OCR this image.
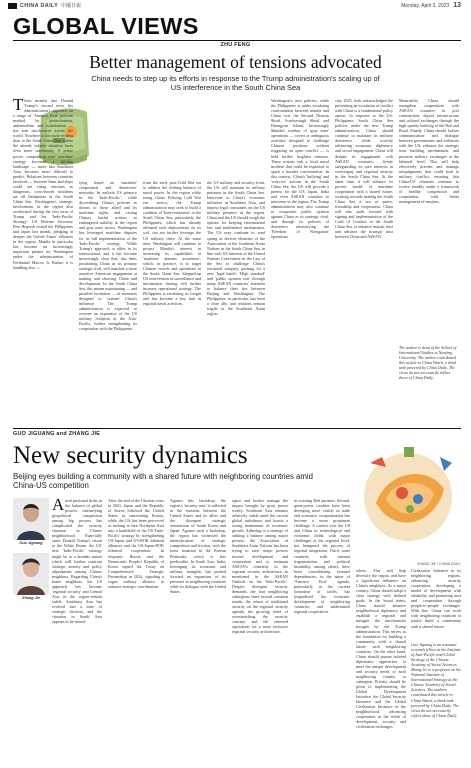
CHINA DAILY 中國日報	Monday, April 3, 2023 13
GLOBAL VIEWS
ZHU FENG
Better management of tensions advocated
China needs to step up its efforts in response to the Trump administration's scaling up of US interference in the South China Sea
T hree months into Donald Trump's second term, his administration's approach on a range of 'America First' policies marked by protectionism, unilateralism and isolationism — has sent shockwaves across the world. Nowhere is this more evident than in the South China Sea, where the already volatile situation faces even more uncertainty. A prime power competition over maritime strategy becomes a shifting landscape — more like Southeast Asia, becomes more difficult to predict. Relations between countries involved — between them and ships could see rising tensions as dangerous, cross-border incidents are all flashpoints in the South China Sea. Washington's strategic involvement in the region also accelerated during the first term of Trump and his 'Indo-Pacific Strategy'. US Defense Secretary Pete Hegseth visited the Philippines and Japan last month, pledging to deepen the United States' alliances in the region. Manila in particular has become an increasingly important partner for Washington under the administration of Ferdinand Marcos Jr. Rather, it is handling also —
tying based on 'maritime' cooperation and 'deterrence' networks. In outlook US primacy in the 'Indo-Pacific', while discrediting China's policies as threats to those allied and its maritime rights, and casting China's lawful actions as endangered stability in the region and gray zone tactics. Washington has leveraged maritime disputes for its full implementation of the 'Indo-Pacific' strategy. While Trump's approach to allies in its transactional, and it has become increasingly clear that, this time, positioning China as its primary strategic rival, will translate a more assertive American engagement at making and showing China and development. In the South China Sea, this means maintaining — and possible escalation — of measures designed to 'contain' China's influence. The Trump administration is expected to oversee an expansion of the US military footprint in the Asia-Pacific, further strengthening its cooperation with the Philippines.
from the early post-Cold War era to address the shifting balance of naval power. In the region while rising China. Echoing Cold War era tactics, the Trump administration may seek to build a coalition of 'Interventionists' in the South China Sea, particularly the Philippines, which has already affirmed such deployments on its soil, can not further leverage the US military there. At the same time, Washington will continue to project Manila's interest in increasing its capabilities in 'maritime domain awareness', which, in practice, is to target Chinese vessels and operations in the South China Sea. Stepped-up US intervention in surveillance and information sharing will further increase operational strategy. The Philippines is escalating its freight and has become a key hub in regional naval activities.
the US military and security front, the US will maintain its military presence in the South China Sea. Intervene to China's economic influence in Southeast Asia, and impose legal constraints on the US military presence in the region. China and the US should weigh the options for keeping international law and multilateral mechanisms. The US may continue to send spring as diverse elements of the Association of the Southeast Asian Nations in the South China Sea, in line with US interests of the United Nations Convention on the Law of the Sea to challenge China's territorial integrity, pushing for a new 'legal battle', 'High standard' and 'public opinion war' through many ASEAN countries' attention to balance their ties between Beijing and Washington. The Philippines, in particular, has been a close ally, and relations remain fragile in the Southeast Asian region.
Washington's new policies, while the Philippines is under escalating confrontation between manila and China over the Second Thomas Shoal, Scarborough Shoal and Huangyan Island. Increasingly Manila's conduct of 'gray zone' operations — covert or ambiguous activities designed to challenge Chinese positions without triggering an open conflict — is held further heighten tensions. These actions risk a local naval incident that could be exploited to spark a broader confrontation. In this context, China's 'bullying' and 'coercive' actions in the South China Sea, the US will provide a pretext for the US, Japan, India and even ASEAN countries to intervene in the region. The Trump administration may also continue to weaponize public opinion against China as its strategic rival, and through its policies of deterrence intensifying the 'Freedom of Navigation' operations.
cary 2025, both acknowledged the preventing an escalation of conflict with China is a fundamental policy option. In response to the US-Philippines South China Sea policies under the new Trump administration, China should continue to maintain its military deterrence while actively advancing economic diplomacy and social engagement. China will deepen its engagement with ASEAN countries, firmly safeguarding its core interests in sovereignty and regional security in the South China Sea. At the same time, it will advance its proven model of maritime cooperation with a shared future, working towards making the South China Sea a sea of peace, friendship and cooperation. China will also push forward with signing and implementation of the Code of Conduct in the South China Sea, to enhance mutual trust and advance the strategic trust between China and ASEAN.
Meanwhile, China should strengthen cooperation with ASEAN countries in port construction, digital infrastructure and cultural exchanges through the high-quality building of the Belt and Road. Finally, China should bolster communication and dialogue between governments and militaries with the US, enhance the strategic trust building mechanisms, and promote military exchanges at the bilateral level. This will help effectively prevent and manage misjudgments that could lead to military conflict, ensuring that China-US relations continue to evolve steadily under a framework of healthy competition and cooperation, with better management of tensions.
The author is dean of the School of International Studies at Nanjing University. The author contributed this article to China Watch, a think tank powered by China Daily. The views do not necessarily reflect those of China Daily.
GUO JIGUANG and ZHANG JIE
New security dynamics
Beijing eyes building a community with a shared future with neighboring countries amid China-US competition
Guo Jiguang
Zhang Jie
A mid profound shifts in the balance of global powers, intensifying geopolitical competition among big powers has complicated the security situation in China's neighborhood. Especially since Donald Trump's return to the White House, the US' new 'Indo-Pacific' strategy might be to a broader nation which will further confront strategic anxiety and policy adjustments among China's neighbors. Regarding China's home neighbors, the US approach has become 'regional security' and Central Asia in the region-remain stable, Southeast Asia has evolved into a state of strategic division, and the situation in South Asia appears to be mixed.
After the end of the Ukraine crisis in 2021, Japan and the Republic of Korea followed the United States in sanctioning Russia, while the US has been perceived as seeking to turn Northeast Asia into a battlefield of the US 'Indo-Pacific' strategy by strengthening US-Japan and US-ROK bilateral alliances and the US-Japan-ROK trilateral cooperation. In response, Russia and the Democratic People's Republic of Korea signed the Treaty on Comprehensive Strategic Partnership in 2024, signaling a vague military alliance to enhance strategic coordination.
Against this backdrop, the region's 'security now' is reflected in the tensions between the United States and its allies and the divergent strategic orientations of South Korea and Japan. Against such a backdrop, the region has witnessed the intensification of strategic competition and friction, with the tense situation in the Korean Peninsula, which is less predictable. In South Asia, India, leveraging its economic and military strengths, has pushed forward an expansion of its presence in neighboring countries while its dialogue with the United States.
space and further manage the impact brought by great power rivalry. Southeast Asia remains relatively stable amid the current global turbulence and boasts a strong momentum of economic growth. Adhering to a strategy of striking a balance among major powers, the Association of Southeast Asian Nations has been trying to steer major powers toward development and cooperation and to maintain ASEAN's centrality in the regional security architecture, as mentioned in the ASEAN Outlook on the 'Indo-Pacific'. Despite divergent security demands, the four neighboring subregions share several common trends: the return of traditional security on the regional security agenda, the growing trend of overstretching the security concept, and the renewed aspirations for a more inclusive regional security architecture.
its existing Belt partners. Second, great-power rivalries have been diverging more visibly as trade and economic weaponization has become a more prominent challenge. A contest over the US and China in technological and economic fields, with major challenges at the regional level, has hampered the process of regional integration. Third, some countries with internal fragmentation and political instability, among others, have been consolidating external dependencies, in the name of 'America First' agenda, particularly in the current formation of tariffs, has jeopardized the economic development of neighboring countries, and undermined regional cooperation.
ZHANG JIE / CHINA DAILY
others. This will help diversify the region, and have a significant influence on China's neighbors. As a major country, China should adopt a clear strategy with defined goals. In the broad terms, China should enhance neighborhood diplomacy and establish a regional and mitigate the uncertainties brought by the Trump administration. This serves as the foundation for building a community with a shared future with neighboring countries. On the other hand, China should pursue tailored diplomatic approaches to meet the unique development and security needs of each neighboring country or subregion. Priority should be given to implementing the Global Development Initiative, the Global Security Initiative and the Global Civilization Initiative in the neighborhood, advancing cooperation in the fields of development, security and civilization exchanges.
Civilization Initiative in its neighboring regions, enhancing security cooperation, developing a model of development with reliability, and promoting trust and cooperation through people-to-people exchanges. With this, China can work with neighboring countries to jointly build a community with a shared future.
Guo Jiguang is an assistant research fellow at the Institute of Asia-Pacific and Global Strategy of the Chinese Academy of Social Sciences. Zhang Jie is a professor at the National Institute of International Strategy at the Chinese Academy of Social Sciences. The authors contributed this article to China Watch, a think tank powered by China Daily. The views do not necessarily reflect those of China Daily.
